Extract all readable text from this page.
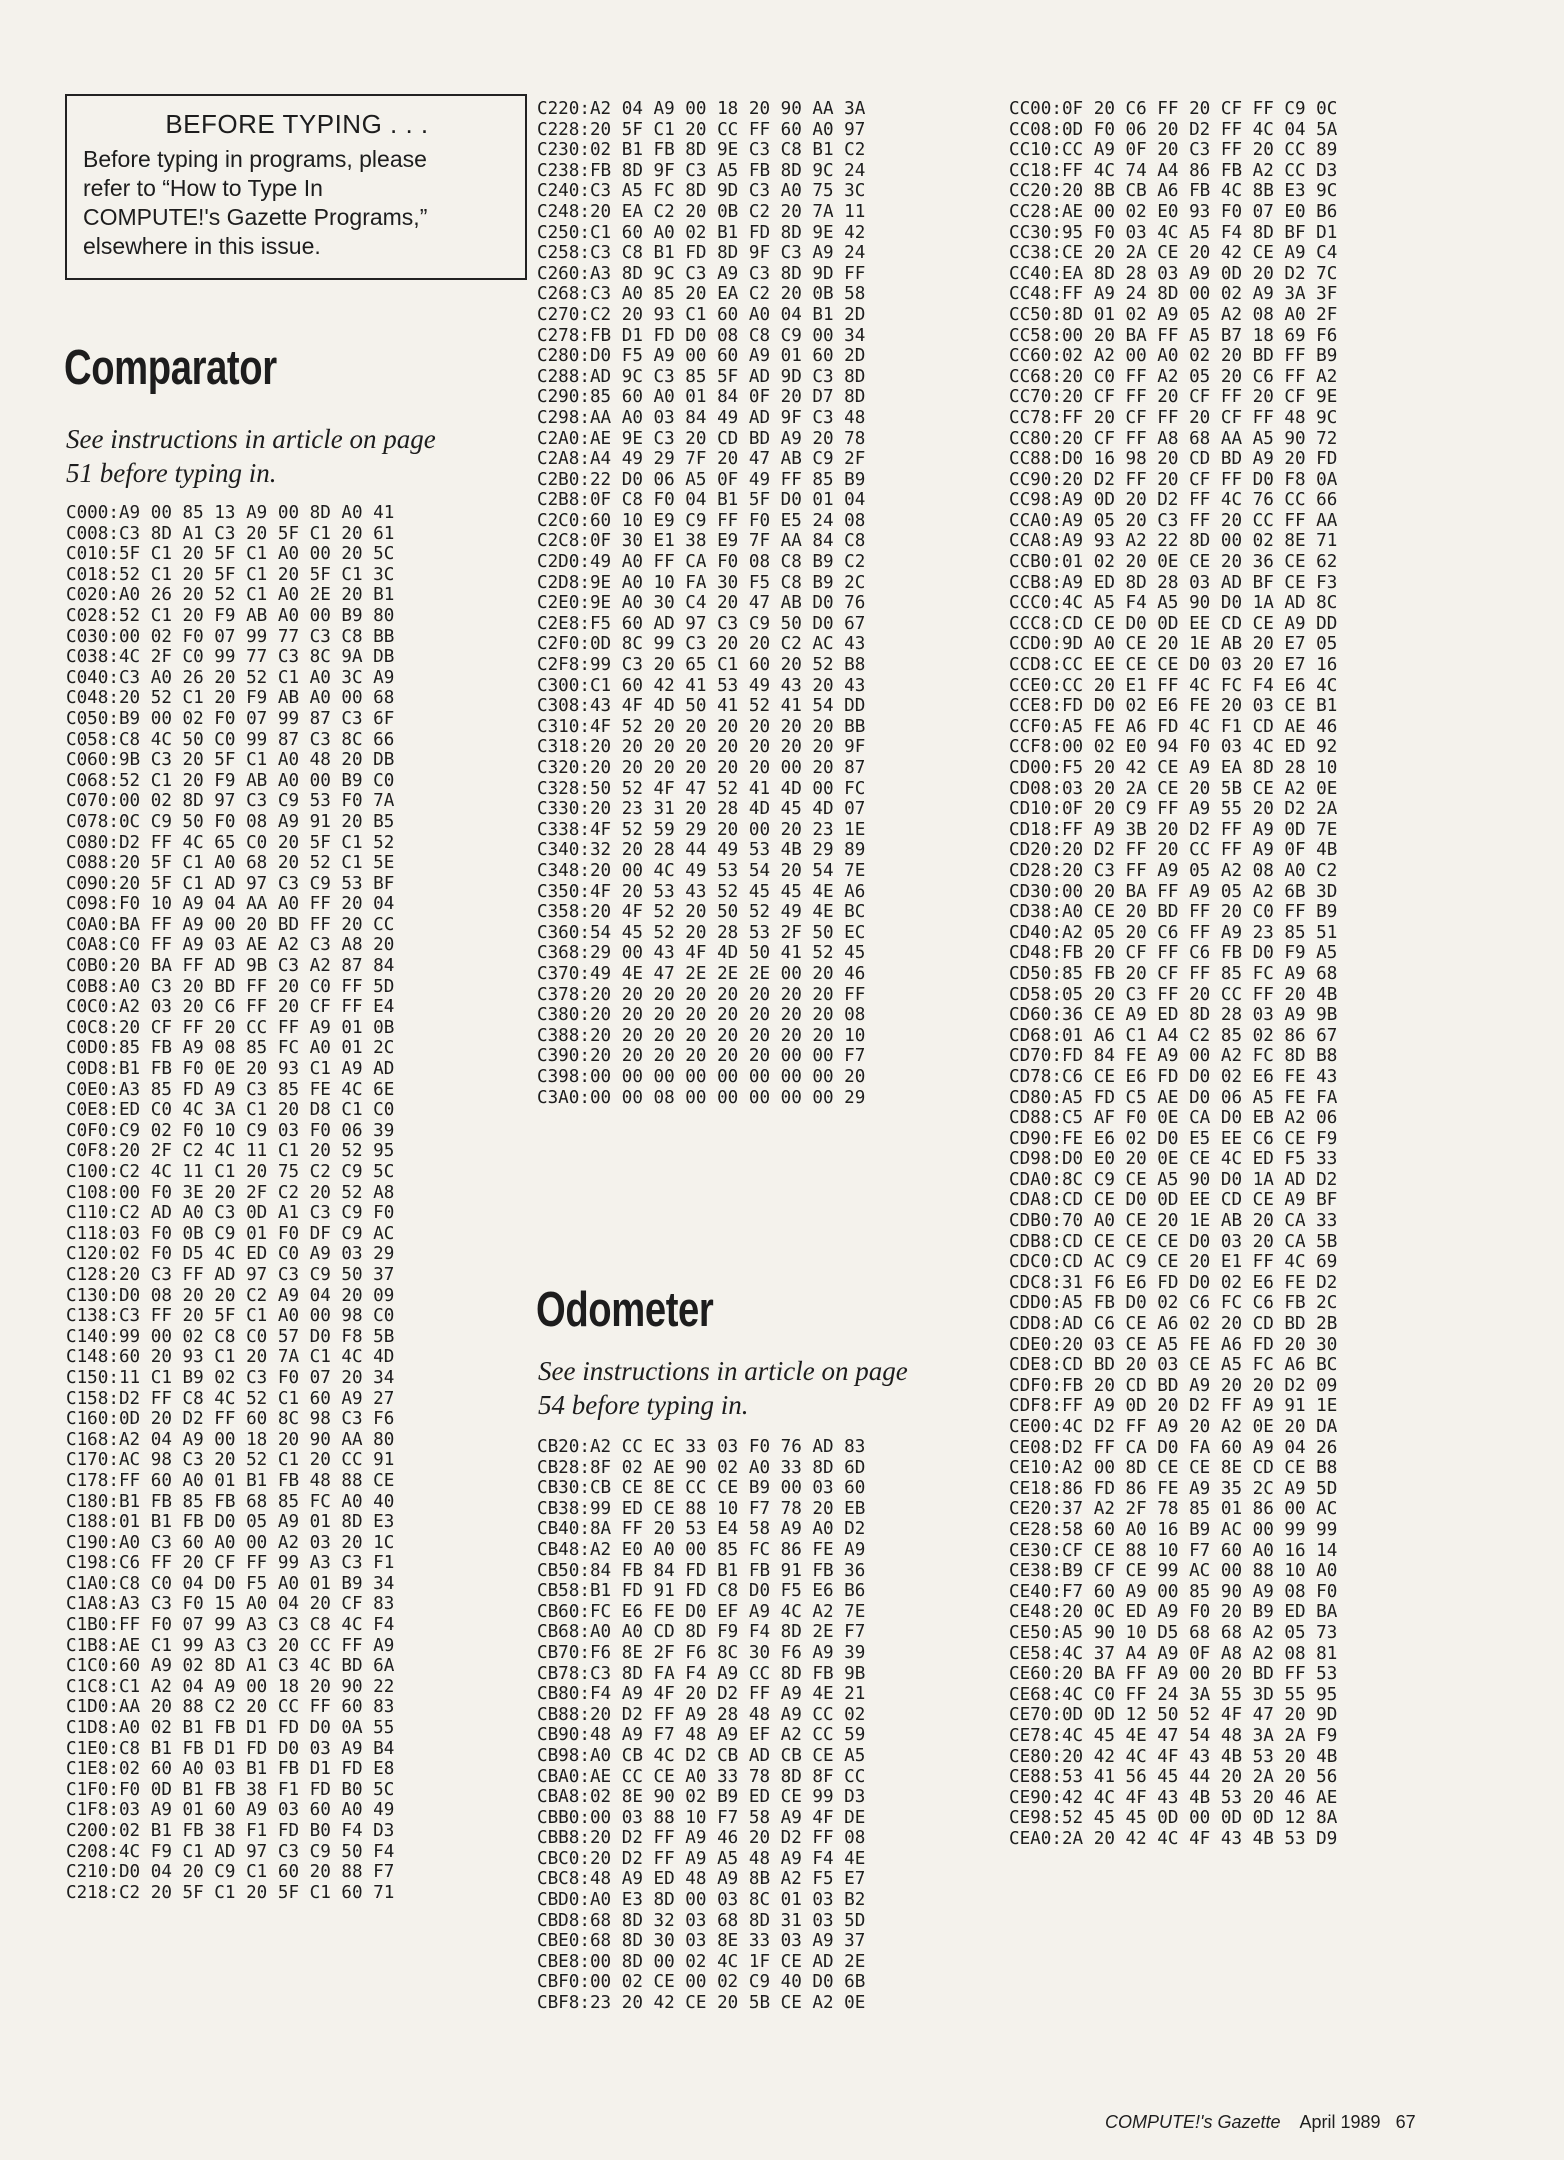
BEFORE TYPING . . .
Before typing in programs, please
refer to “How to Type In
COMPUTE!'s Gazette Programs,”
elsewhere in this issue.
Comparator
See instructions in article on page
51 before typing in.
C000:A9 00 85 13 A9 00 8D A0 41
C008:C3 8D A1 C3 20 5F C1 20 61
C010:5F C1 20 5F C1 A0 00 20 5C
C018:52 C1 20 5F C1 20 5F C1 3C
C020:A0 26 20 52 C1 A0 2E 20 B1
C028:52 C1 20 F9 AB A0 00 B9 80
C030:00 02 F0 07 99 77 C3 C8 BB
C038:4C 2F C0 99 77 C3 8C 9A DB
C040:C3 A0 26 20 52 C1 A0 3C A9
C048:20 52 C1 20 F9 AB A0 00 68
C050:B9 00 02 F0 07 99 87 C3 6F
C058:C8 4C 50 C0 99 87 C3 8C 66
C060:9B C3 20 5F C1 A0 48 20 DB
C068:52 C1 20 F9 AB A0 00 B9 C0
C070:00 02 8D 97 C3 C9 53 F0 7A
C078:0C C9 50 F0 08 A9 91 20 B5
C080:D2 FF 4C 65 C0 20 5F C1 52
C088:20 5F C1 A0 68 20 52 C1 5E
C090:20 5F C1 AD 97 C3 C9 53 BF
C098:F0 10 A9 04 AA A0 FF 20 04
C0A0:BA FF A9 00 20 BD FF 20 CC
C0A8:C0 FF A9 03 AE A2 C3 A8 20
C0B0:20 BA FF AD 9B C3 A2 87 84
C0B8:A0 C3 20 BD FF 20 C0 FF 5D
C0C0:A2 03 20 C6 FF 20 CF FF E4
C0C8:20 CF FF 20 CC FF A9 01 0B
C0D0:85 FB A9 08 85 FC A0 01 2C
C0D8:B1 FB F0 0E 20 93 C1 A9 AD
C0E0:A3 85 FD A9 C3 85 FE 4C 6E
C0E8:ED C0 4C 3A C1 20 D8 C1 C0
C0F0:C9 02 F0 10 C9 03 F0 06 39
C0F8:20 2F C2 4C 11 C1 20 52 95
C100:C2 4C 11 C1 20 75 C2 C9 5C
C108:00 F0 3E 20 2F C2 20 52 A8
C110:C2 AD A0 C3 0D A1 C3 C9 F0
C118:03 F0 0B C9 01 F0 DF C9 AC
C120:02 F0 D5 4C ED C0 A9 03 29
C128:20 C3 FF AD 97 C3 C9 50 37
C130:D0 08 20 20 C2 A9 04 20 09
C138:C3 FF 20 5F C1 A0 00 98 C0
C140:99 00 02 C8 C0 57 D0 F8 5B
C148:60 20 93 C1 20 7A C1 4C 4D
C150:11 C1 B9 02 C3 F0 07 20 34
C158:D2 FF C8 4C 52 C1 60 A9 27
C160:0D 20 D2 FF 60 8C 98 C3 F6
C168:A2 04 A9 00 18 20 90 AA 80
C170:AC 98 C3 20 52 C1 20 CC 91
C178:FF 60 A0 01 B1 FB 48 88 CE
C180:B1 FB 85 FB 68 85 FC A0 40
C188:01 B1 FB D0 05 A9 01 8D E3
C190:A0 C3 60 A0 00 A2 03 20 1C
C198:C6 FF 20 CF FF 99 A3 C3 F1
C1A0:C8 C0 04 D0 F5 A0 01 B9 34
C1A8:A3 C3 F0 15 A0 04 20 CF 83
C1B0:FF F0 07 99 A3 C3 C8 4C F4
C1B8:AE C1 99 A3 C3 20 CC FF A9
C1C0:60 A9 02 8D A1 C3 4C BD 6A
C1C8:C1 A2 04 A9 00 18 20 90 22
C1D0:AA 20 88 C2 20 CC FF 60 83
C1D8:A0 02 B1 FB D1 FD D0 0A 55
C1E0:C8 B1 FB D1 FD D0 03 A9 B4
C1E8:02 60 A0 03 B1 FB D1 FD E8
C1F0:F0 0D B1 FB 38 F1 FD B0 5C
C1F8:03 A9 01 60 A9 03 60 A0 49
C200:02 B1 FB 38 F1 FD B0 F4 D3
C208:4C F9 C1 AD 97 C3 C9 50 F4
C210:D0 04 20 C9 C1 60 20 88 F7
C218:C2 20 5F C1 20 5F C1 60 71
C220:A2 04 A9 00 18 20 90 AA 3A
C228:20 5F C1 20 CC FF 60 A0 97
C230:02 B1 FB 8D 9E C3 C8 B1 C2
C238:FB 8D 9F C3 A5 FB 8D 9C 24
C240:C3 A5 FC 8D 9D C3 A0 75 3C
C248:20 EA C2 20 0B C2 20 7A 11
C250:C1 60 A0 02 B1 FD 8D 9E 42
C258:C3 C8 B1 FD 8D 9F C3 A9 24
C260:A3 8D 9C C3 A9 C3 8D 9D FF
C268:C3 A0 85 20 EA C2 20 0B 58
C270:C2 20 93 C1 60 A0 04 B1 2D
C278:FB D1 FD D0 08 C8 C9 00 34
C280:D0 F5 A9 00 60 A9 01 60 2D
C288:AD 9C C3 85 5F AD 9D C3 8D
C290:85 60 A0 01 84 0F 20 D7 8D
C298:AA A0 03 84 49 AD 9F C3 48
C2A0:AE 9E C3 20 CD BD A9 20 78
C2A8:A4 49 29 7F 20 47 AB C9 2F
C2B0:22 D0 06 A5 0F 49 FF 85 B9
C2B8:0F C8 F0 04 B1 5F D0 01 04
C2C0:60 10 E9 C9 FF F0 E5 24 08
C2C8:0F 30 E1 38 E9 7F AA 84 C8
C2D0:49 A0 FF CA F0 08 C8 B9 C2
C2D8:9E A0 10 FA 30 F5 C8 B9 2C
C2E0:9E A0 30 C4 20 47 AB D0 76
C2E8:F5 60 AD 97 C3 C9 50 D0 67
C2F0:0D 8C 99 C3 20 20 C2 AC 43
C2F8:99 C3 20 65 C1 60 20 52 B8
C300:C1 60 42 41 53 49 43 20 43
C308:43 4F 4D 50 41 52 41 54 DD
C310:4F 52 20 20 20 20 20 20 BB
C318:20 20 20 20 20 20 20 20 9F
C320:20 20 20 20 20 20 00 20 87
C328:50 52 4F 47 52 41 4D 00 FC
C330:20 23 31 20 28 4D 45 4D 07
C338:4F 52 59 29 20 00 20 23 1E
C340:32 20 28 44 49 53 4B 29 89
C348:20 00 4C 49 53 54 20 54 7E
C350:4F 20 53 43 52 45 45 4E A6
C358:20 4F 52 20 50 52 49 4E BC
C360:54 45 52 20 28 53 2F 50 EC
C368:29 00 43 4F 4D 50 41 52 45
C370:49 4E 47 2E 2E 2E 00 20 46
C378:20 20 20 20 20 20 20 20 FF
C380:20 20 20 20 20 20 20 20 08
C388:20 20 20 20 20 20 20 20 10
C390:20 20 20 20 20 20 00 00 F7
C398:00 00 00 00 00 00 00 00 20
C3A0:00 00 08 00 00 00 00 00 29
Odometer
See instructions in article on page
54 before typing in.
CB20:A2 CC EC 33 03 F0 76 AD 83
CB28:8F 02 AE 90 02 A0 33 8D 6D
CB30:CB CE 8E CC CE B9 00 03 60
CB38:99 ED CE 88 10 F7 78 20 EB
CB40:8A FF 20 53 E4 58 A9 A0 D2
CB48:A2 E0 A0 00 85 FC 86 FE A9
CB50:84 FB 84 FD B1 FB 91 FB 36
CB58:B1 FD 91 FD C8 D0 F5 E6 B6
CB60:FC E6 FE D0 EF A9 4C A2 7E
CB68:A0 A0 CD 8D F9 F4 8D 2E F7
CB70:F6 8E 2F F6 8C 30 F6 A9 39
CB78:C3 8D FA F4 A9 CC 8D FB 9B
CB80:F4 A9 4F 20 D2 FF A9 4E 21
CB88:20 D2 FF A9 28 48 A9 CC 02
CB90:48 A9 F7 48 A9 EF A2 CC 59
CB98:A0 CB 4C D2 CB AD CB CE A5
CBA0:AE CC CE A0 33 78 8D 8F CC
CBA8:02 8E 90 02 B9 ED CE 99 D3
CBB0:00 03 88 10 F7 58 A9 4F DE
CBB8:20 D2 FF A9 46 20 D2 FF 08
CBC0:20 D2 FF A9 A5 48 A9 F4 4E
CBC8:48 A9 ED 48 A9 8B A2 F5 E7
CBD0:A0 E3 8D 00 03 8C 01 03 B2
CBD8:68 8D 32 03 68 8D 31 03 5D
CBE0:68 8D 30 03 8E 33 03 A9 37
CBE8:00 8D 00 02 4C 1F CE AD 2E
CBF0:00 02 CE 00 02 C9 40 D0 6B
CBF8:23 20 42 CE 20 5B CE A2 0E
CC00:0F 20 C6 FF 20 CF FF C9 0C
CC08:0D F0 06 20 D2 FF 4C 04 5A
CC10:CC A9 0F 20 C3 FF 20 CC 89
CC18:FF 4C 74 A4 86 FB A2 CC D3
CC20:20 8B CB A6 FB 4C 8B E3 9C
CC28:AE 00 02 E0 93 F0 07 E0 B6
CC30:95 F0 03 4C A5 F4 8D BF D1
CC38:CE 20 2A CE 20 42 CE A9 C4
CC40:EA 8D 28 03 A9 0D 20 D2 7C
CC48:FF A9 24 8D 00 02 A9 3A 3F
CC50:8D 01 02 A9 05 A2 08 A0 2F
CC58:00 20 BA FF A5 B7 18 69 F6
CC60:02 A2 00 A0 02 20 BD FF B9
CC68:20 C0 FF A2 05 20 C6 FF A2
CC70:20 CF FF 20 CF FF 20 CF 9E
CC78:FF 20 CF FF 20 CF FF 48 9C
CC80:20 CF FF A8 68 AA A5 90 72
CC88:D0 16 98 20 CD BD A9 20 FD
CC90:20 D2 FF 20 CF FF D0 F8 0A
CC98:A9 0D 20 D2 FF 4C 76 CC 66
CCA0:A9 05 20 C3 FF 20 CC FF AA
CCA8:A9 93 A2 22 8D 00 02 8E 71
CCB0:01 02 20 0E CE 20 36 CE 62
CCB8:A9 ED 8D 28 03 AD BF CE F3
CCC0:4C A5 F4 A5 90 D0 1A AD 8C
CCC8:CD CE D0 0D EE CD CE A9 DD
CCD0:9D A0 CE 20 1E AB 20 E7 05
CCD8:CC EE CE CE D0 03 20 E7 16
CCE0:CC 20 E1 FF 4C FC F4 E6 4C
CCE8:FD D0 02 E6 FE 20 03 CE B1
CCF0:A5 FE A6 FD 4C F1 CD AE 46
CCF8:00 02 E0 94 F0 03 4C ED 92
CD00:F5 20 42 CE A9 EA 8D 28 10
CD08:03 20 2A CE 20 5B CE A2 0E
CD10:0F 20 C9 FF A9 55 20 D2 2A
CD18:FF A9 3B 20 D2 FF A9 0D 7E
CD20:20 D2 FF 20 CC FF A9 0F 4B
CD28:20 C3 FF A9 05 A2 08 A0 C2
CD30:00 20 BA FF A9 05 A2 6B 3D
CD38:A0 CE 20 BD FF 20 C0 FF B9
CD40:A2 05 20 C6 FF A9 23 85 51
CD48:FB 20 CF FF C6 FB D0 F9 A5
CD50:85 FB 20 CF FF 85 FC A9 68
CD58:05 20 C3 FF 20 CC FF 20 4B
CD60:36 CE A9 ED 8D 28 03 A9 9B
CD68:01 A6 C1 A4 C2 85 02 86 67
CD70:FD 84 FE A9 00 A2 FC 8D B8
CD78:C6 CE E6 FD D0 02 E6 FE 43
CD80:A5 FD C5 AE D0 06 A5 FE FA
CD88:C5 AF F0 0E CA D0 EB A2 06
CD90:FE E6 02 D0 E5 EE C6 CE F9
CD98:D0 E0 20 0E CE 4C ED F5 33
CDA0:8C C9 CE A5 90 D0 1A AD D2
CDA8:CD CE D0 0D EE CD CE A9 BF
CDB0:70 A0 CE 20 1E AB 20 CA 33
CDB8:CD CE CE CE D0 03 20 CA 5B
CDC0:CD AC C9 CE 20 E1 FF 4C 69
CDC8:31 F6 E6 FD D0 02 E6 FE D2
CDD0:A5 FB D0 02 C6 FC C6 FB 2C
CDD8:AD C6 CE A6 02 20 CD BD 2B
CDE0:20 03 CE A5 FE A6 FD 20 30
CDE8:CD BD 20 03 CE A5 FC A6 BC
CDF0:FB 20 CD BD A9 20 20 D2 09
CDF8:FF A9 0D 20 D2 FF A9 91 1E
CE00:4C D2 FF A9 20 A2 0E 20 DA
CE08:D2 FF CA D0 FA 60 A9 04 26
CE10:A2 00 8D CE CE 8E CD CE B8
CE18:86 FD 86 FE A9 35 2C A9 5D
CE20:37 A2 2F 78 85 01 86 00 AC
CE28:58 60 A0 16 B9 AC 00 99 99
CE30:CF CE 88 10 F7 60 A0 16 14
CE38:B9 CF CE 99 AC 00 88 10 A0
CE40:F7 60 A9 00 85 90 A9 08 F0
CE48:20 0C ED A9 F0 20 B9 ED BA
CE50:A5 90 10 D5 68 68 A2 05 73
CE58:4C 37 A4 A9 0F A8 A2 08 81
CE60:20 BA FF A9 00 20 BD FF 53
CE68:4C C0 FF 24 3A 55 3D 55 95
CE70:0D 0D 12 50 52 4F 47 20 9D
CE78:4C 45 4E 47 54 48 3A 2A F9
CE80:20 42 4C 4F 43 4B 53 20 4B
CE88:53 41 56 45 44 20 2A 20 56
CE90:42 4C 4F 43 4B 53 20 46 AE
CE98:52 45 45 0D 00 0D 0D 12 8A
CEA0:2A 20 42 4C 4F 43 4B 53 D9
COMPUTE!'s Gazette April 1989 67
